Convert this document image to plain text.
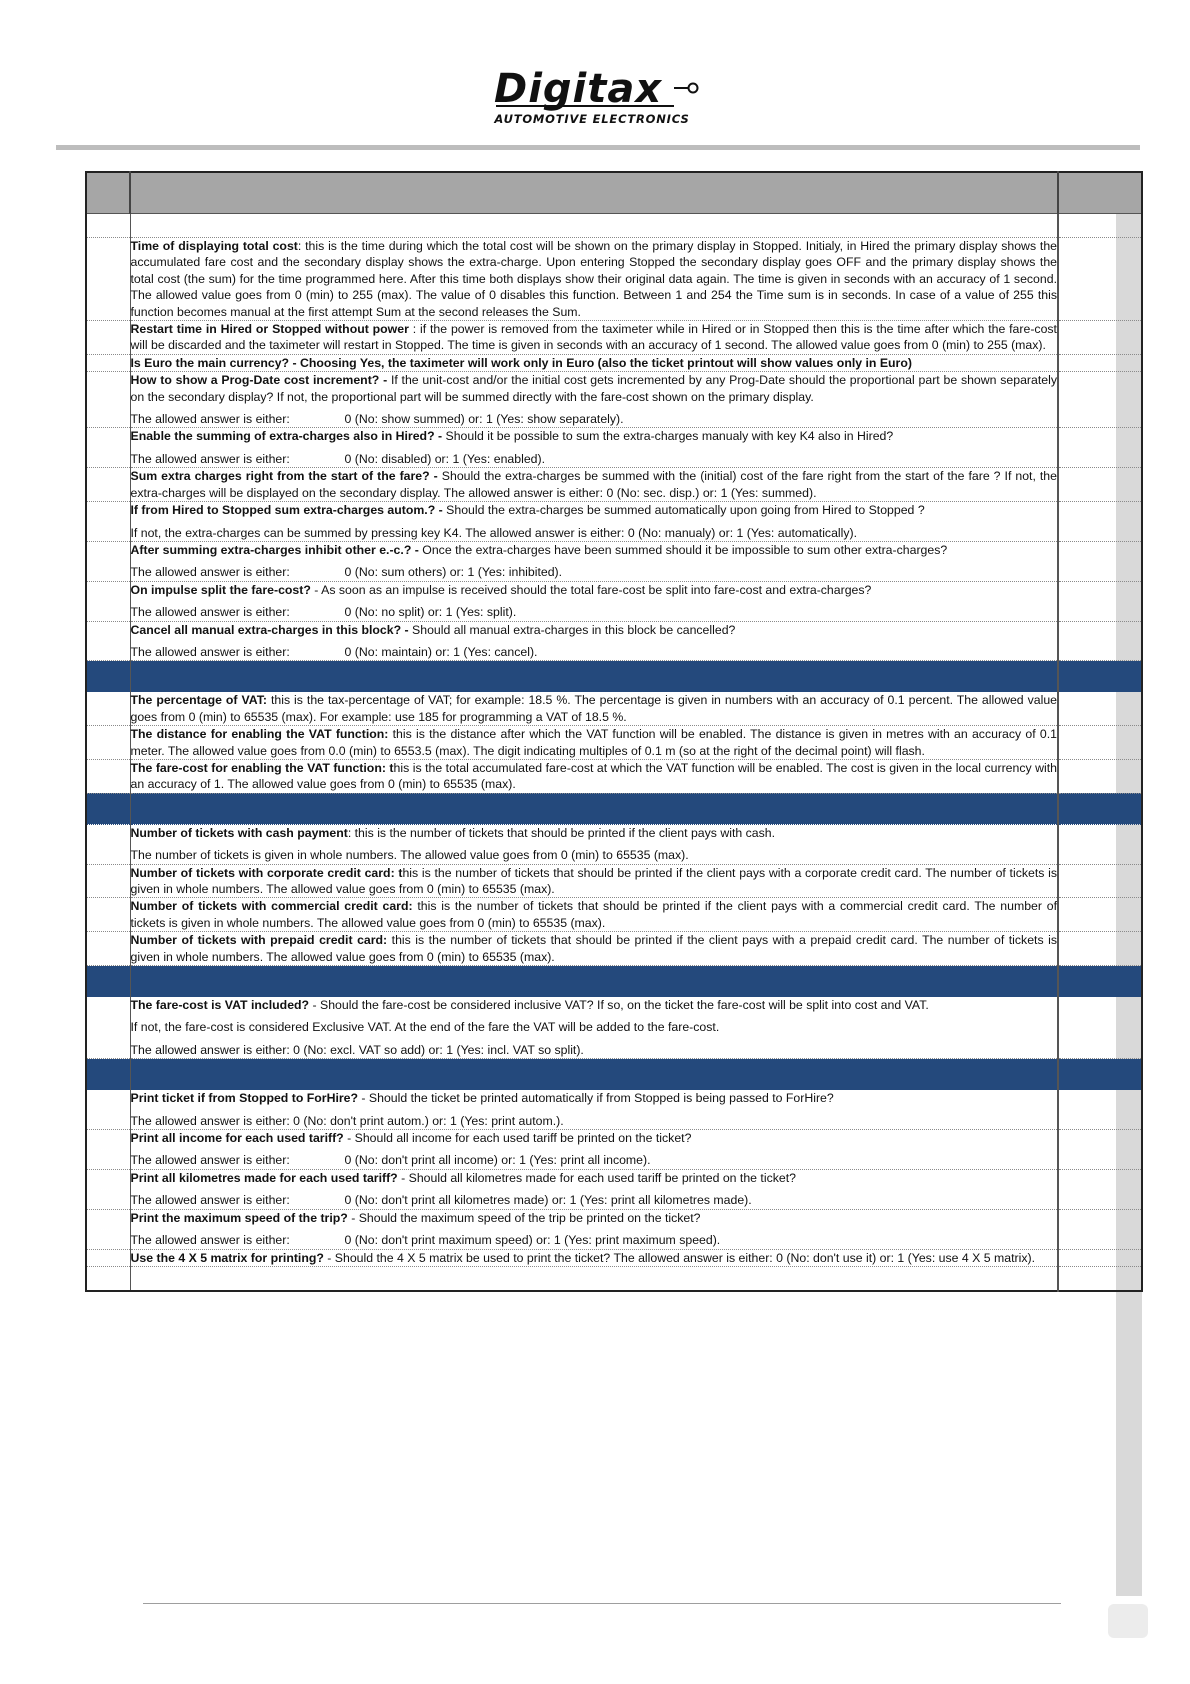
Digitax
AUTOMOTIVE ELECTRONICS

	Time of displaying total cost: this is the time during which the total cost will be shown on the primary display in Stopped. Initialy, in Hired the primary display shows the accumulated fare cost and the secondary display shows the extra-charge. Upon entering Stopped the secondary display goes OFF and the primary display shows the total cost (the sum) for the time programmed here. After this time both displays show their original data again. The time is given in seconds with an accuracy of 1 second. The allowed value goes from 0 (min) to 255 (max). The value of 0 disables this function. Between 1 and 254 the Time sum is in seconds. In case of a value of 255 this function becomes manual at the first attempt Sum at the second releases the Sum.	

	Restart time in Hired or Stopped without power : if the power is removed from the taximeter while in Hired or in Stopped then this is the time after which the fare-cost will be discarded and the taximeter will restart in Stopped. The time is given in seconds with an accuracy of 1 second. The allowed value goes from 0 (min) to 255 (max).	

	Is Euro the main currency? - Choosing Yes, the taximeter will work only in Euro (also the ticket printout will show values only in Euro)	

	How to show a Prog-Date cost increment? - If the unit-cost and/or the initial cost gets incremented by any Prog-Date should the proportional part be shown separately on the secondary display? If not, the proportional part will be summed directly with the fare-cost shown on the primary display.

The allowed answer is either: 0 (No: show summed) or: 1 (Yes: show separately).	

	Enable the summing of extra-charges also in Hired? - Should it be possible to sum the extra-charges manualy with key K4 also in Hired?

The allowed answer is either: 0 (No: disabled) or: 1 (Yes: enabled).	

	Sum extra charges right from the start of the fare? - Should the extra-charges be summed with the (initial) cost of the fare right from the start of the fare ? If not, the extra-charges will be displayed on the secondary display. The allowed answer is either: 0 (No: sec. disp.) or: 1 (Yes: summed).	

	If from Hired to Stopped sum extra-charges autom.? - Should the extra-charges be summed automatically upon going from Hired to Stopped ?

If not, the extra-charges can be summed by pressing key K4. The allowed answer is either: 0 (No: manualy) or: 1 (Yes: automatically).	

	After summing extra-charges inhibit other e.-c.? - Once the extra-charges have been summed should it be impossible to sum other extra-charges?

The allowed answer is either: 0 (No: sum others) or: 1 (Yes: inhibited).	

	On impulse split the fare-cost? - As soon as an impulse is received should the total fare-cost be split into fare-cost and extra-charges?

The allowed answer is either: 0 (No: no split) or: 1 (Yes: split).	

	Cancel all manual extra-charges in this block? - Should all manual extra-charges in this block be cancelled?

The allowed answer is either: 0 (No: maintain) or: 1 (Yes: cancel).	

	The percentage of VAT: this is the tax-percentage of VAT; for example: 18.5 %. The percentage is given in numbers with an accuracy of 0.1 percent. The allowed value goes from 0 (min) to 65535 (max). For example: use 185 for programming a VAT of 18.5 %.	

	The distance for enabling the VAT function: this is the distance after which the VAT function will be enabled. The distance is given in metres with an accuracy of 0.1 meter. The allowed value goes from 0.0 (min) to 6553.5 (max). The digit indicating multiples of 0.1 m (so at the right of the decimal point) will flash.	

	The fare-cost for enabling the VAT function: this is the total accumulated fare-cost at which the VAT function will be enabled. The cost is given in the local currency with an accuracy of 1. The allowed value goes from 0 (min) to 65535 (max).	

	Number of tickets with cash payment: this is the number of tickets that should be printed if the client pays with cash.

The number of tickets is given in whole numbers. The allowed value goes from 0 (min) to 65535 (max).	

	Number of tickets with corporate credit card: this is the number of tickets that should be printed if the client pays with a corporate credit card. The number of tickets is given in whole numbers. The allowed value goes from 0 (min) to 65535 (max).	

	Number of tickets with commercial credit card: this is the number of tickets that should be printed if the client pays with a commercial credit card. The number of tickets is given in whole numbers. The allowed value goes from 0 (min) to 65535 (max).	

	Number of tickets with prepaid credit card: this is the number of tickets that should be printed if the client pays with a prepaid credit card. The number of tickets is given in whole numbers. The allowed value goes from 0 (min) to 65535 (max).	

	The fare-cost is VAT included? - Should the fare-cost be considered inclusive VAT? If so, on the ticket the fare-cost will be split into cost and VAT.

If not, the fare-cost is considered Exclusive VAT. At the end of the fare the VAT will be added to the fare-cost.

The allowed answer is either: 0 (No: excl. VAT so add) or: 1 (Yes: incl. VAT so split).	

	Print ticket if from Stopped to ForHire? - Should the ticket be printed automatically if from Stopped is being passed to ForHire?

The allowed answer is either: 0 (No: don't print autom.) or: 1 (Yes: print autom.).	

	Print all income for each used tariff? - Should all income for each used tariff be printed on the ticket?

The allowed answer is either: 0 (No: don't print all income) or: 1 (Yes: print all income).	

	Print all kilometres made for each used tariff? - Should all kilometres made for each used tariff be printed on the ticket?

The allowed answer is either: 0 (No: don't print all kilometres made) or: 1 (Yes: print all kilometres made).	

	Print the maximum speed of the trip? - Should the maximum speed of the trip be printed on the ticket?

The allowed answer is either: 0 (No: don't print maximum speed) or: 1 (Yes: print maximum speed).	

	Use the 4 X 5 matrix for printing? - Should the 4 X 5 matrix be used to print the ticket? The allowed answer is either: 0 (No: don't use it) or: 1 (Yes: use 4 X 5 matrix).	
